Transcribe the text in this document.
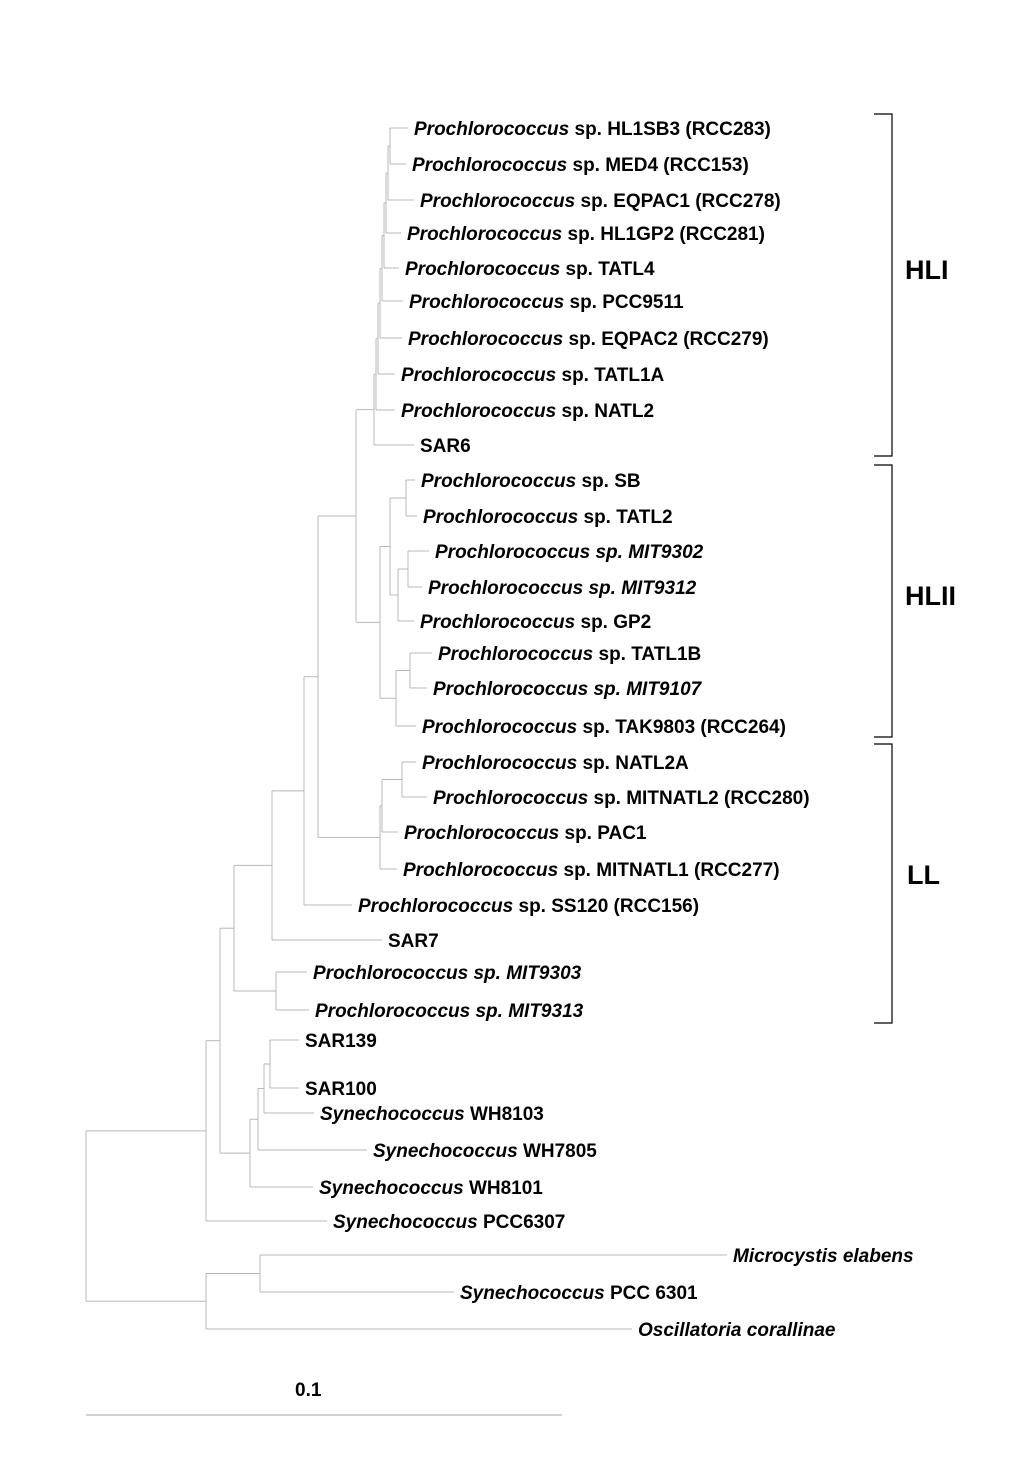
Prochlorococcus sp. HL1SB3 (RCC283)
Prochlorococcus sp. MED4 (RCC153)
Prochlorococcus sp. EQPAC1 (RCC278)
Prochlorococcus sp. HL1GP2 (RCC281)
Prochlorococcus sp. TATL4
Prochlorococcus sp. PCC9511
Prochlorococcus sp. EQPAC2 (RCC279)
Prochlorococcus sp. TATL1A
Prochlorococcus sp. NATL2
SAR6
Prochlorococcus sp. SB
Prochlorococcus sp. TATL2
Prochlorococcus sp. MIT9302
Prochlorococcus sp. MIT9312
Prochlorococcus sp. GP2
Prochlorococcus sp. TATL1B
Prochlorococcus sp. MIT9107
Prochlorococcus sp. TAK9803 (RCC264)
Prochlorococcus sp. NATL2A
Prochlorococcus sp. MITNATL2 (RCC280)
Prochlorococcus sp. PAC1
Prochlorococcus sp. MITNATL1 (RCC277)
Prochlorococcus sp. SS120 (RCC156)
SAR7
Prochlorococcus sp. MIT9303
Prochlorococcus sp. MIT9313
SAR139
SAR100
Synechococcus WH8103
Synechococcus WH7805
Synechococcus WH8101
Synechococcus PCC6307
Microcystis elabens
Synechococcus PCC 6301
Oscillatoria corallinae
HLI
HLII
LL
0.1
